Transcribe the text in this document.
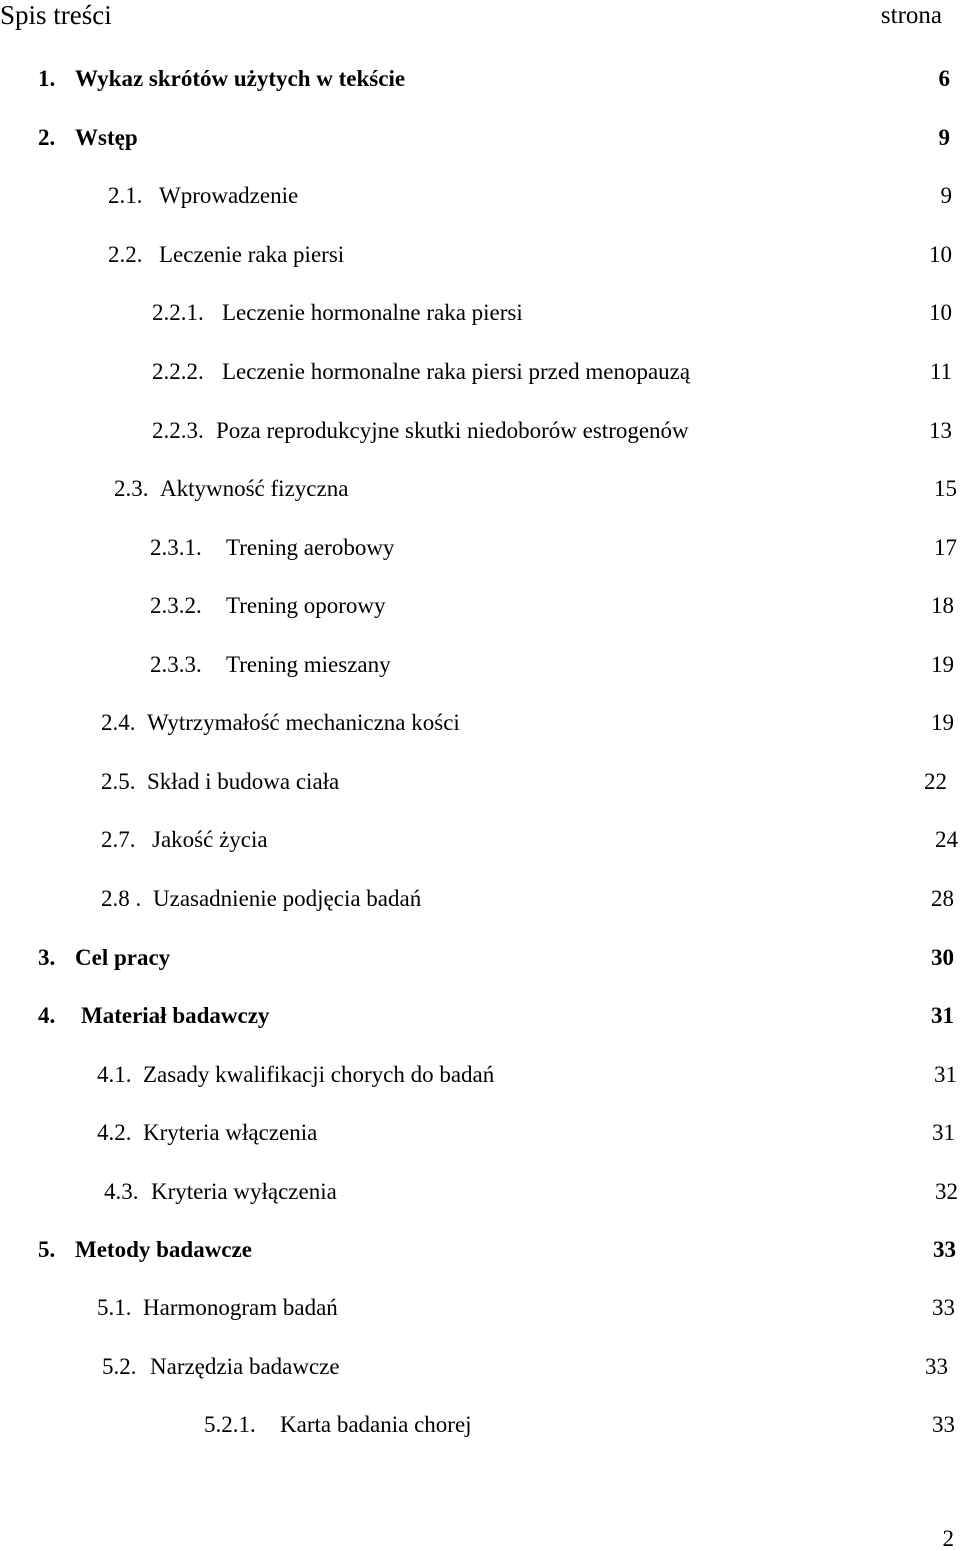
Spis treści	strona
1. Wykaz skrótów użytych w tekście	6
2. Wstęp	9
2.1. Wprowadzenie	9
2.2. Leczenie raka piersi	10
2.2.1. Leczenie hormonalne raka piersi	10
2.2.2. Leczenie hormonalne raka piersi przed menopauzą	11
2.2.3. Poza reprodukcyjne skutki niedoborów estrogenów	13
2.3. Aktywność fizyczna	15
2.3.1. Trening aerobowy	17
2.3.2. Trening oporowy	18
2.3.3. Trening mieszany	19
2.4. Wytrzymałość mechaniczna kości	19
2.5. Skład i budowa ciała	22
2.7. Jakość życia	24
2.8 . Uzasadnienie podjęcia badań	28
3. Cel pracy	30
4. Materiał badawczy	31
4.1. Zasady kwalifikacji chorych do badań	31
4.2. Kryteria włączenia	31
4.3. Kryteria wyłączenia	32
5. Metody badawcze	33
5.1. Harmonogram badań	33
5.2. Narzędzia badawcze	33
5.2.1. Karta badania chorej	33
2
